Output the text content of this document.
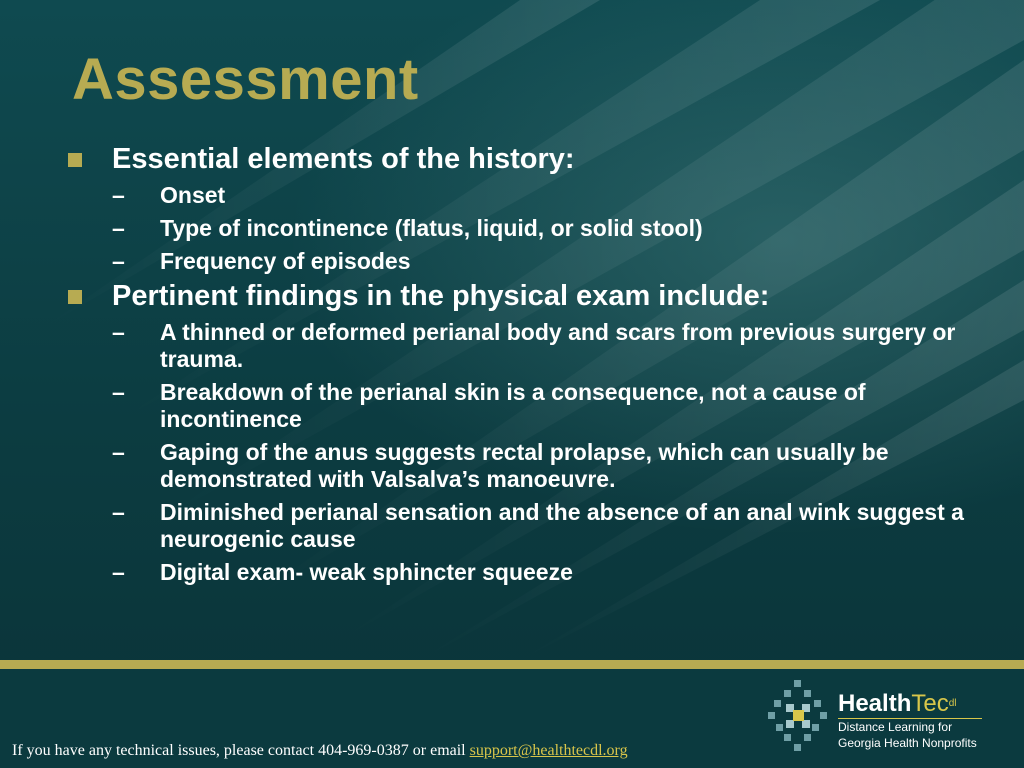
Assessment
Essential elements of the history:
– Onset
– Type of incontinence (flatus, liquid, or solid stool)
– Frequency of episodes
Pertinent findings in the physical exam include:
– A thinned or deformed perianal body and scars from previous surgery or trauma.
– Breakdown of the perianal skin is a consequence, not a cause of incontinence
– Gaping of the anus suggests rectal prolapse, which can usually be demonstrated with Valsalva’s manoeuvre.
– Diminished perianal sensation and the absence of an anal wink suggest a neurogenic cause
– Digital exam- weak sphincter squeeze
If you have any technical issues, please contact 404-969-0387 or email support@healthtecdl.org
HealthTec$^{dl}$
Distance Learning for
Georgia Health Nonprofits
